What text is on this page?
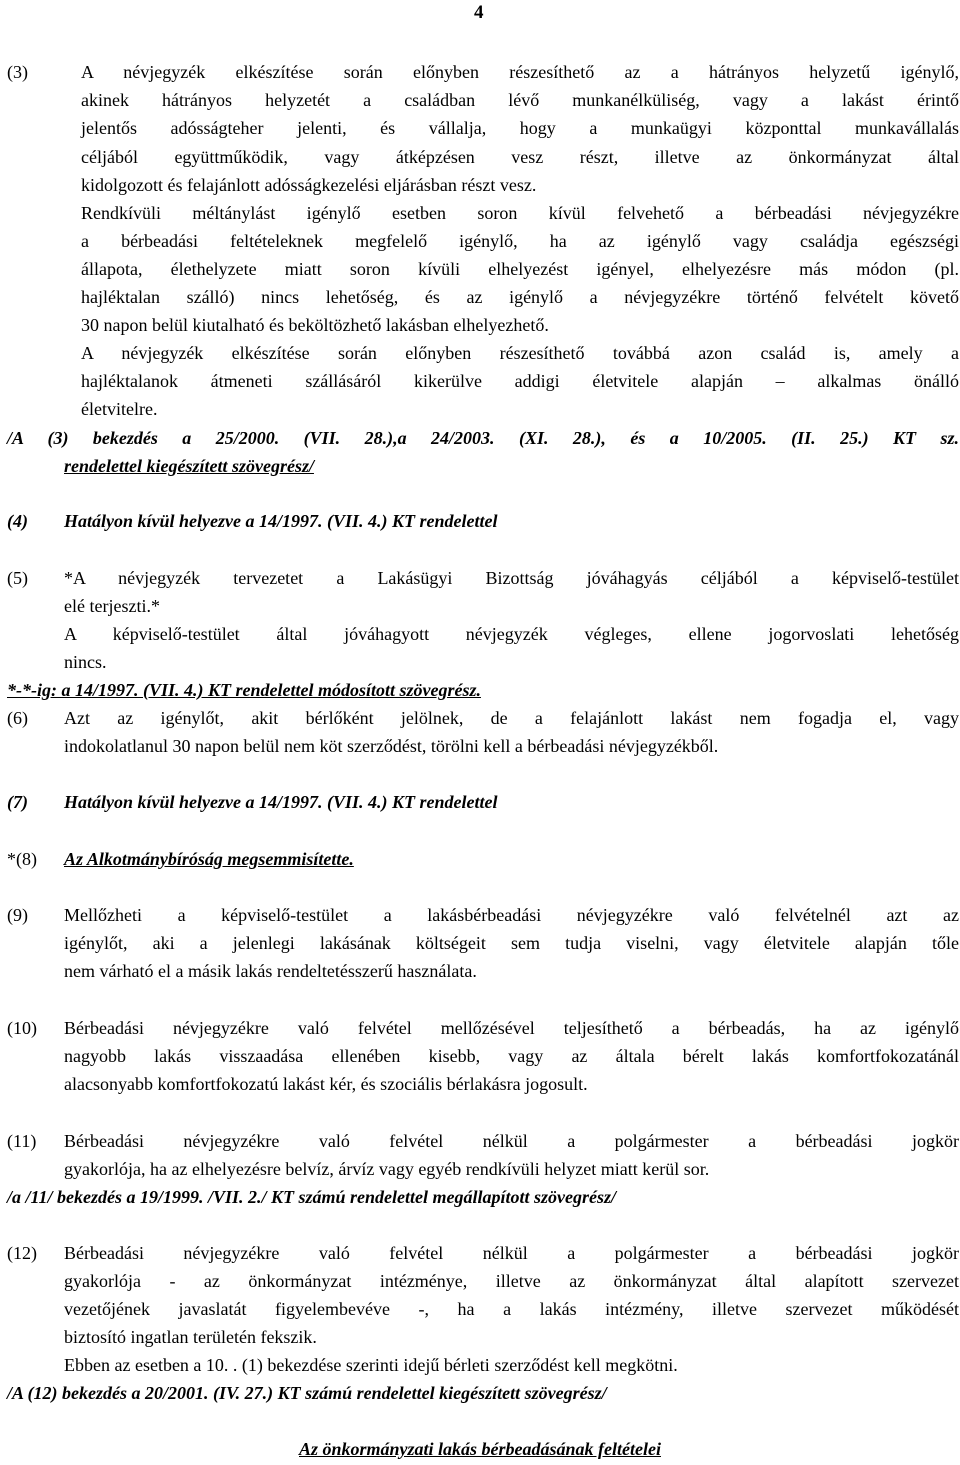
4
(3)	A névjegyzék elkészítése során előnyben részesíthető az a hátrányos helyzetű igénylő,
akinek hátrányos helyzetét a családban lévő munkanélküliség, vagy a lakást érintő
jelentős adósságteher jelenti, és vállalja, hogy a munkaügyi központtal munkavállalás
céljából együttműködik, vagy átképzésen vesz részt, illetve az önkormányzat által
kidolgozott és felajánlott adósságkezelési eljárásban részt vesz.
Rendkívüli méltánylást igénylő esetben soron kívül felvehető a bérbeadási névjegyzékre
a bérbeadási feltételeknek megfelelő igénylő, ha az igénylő vagy családja egészségi
állapota, élethelyzete miatt soron kívüli elhelyezést igényel, elhelyezésre más módon (pl.
hajléktalan szálló) nincs lehetőség, és az igénylő a névjegyzékre történő felvételt követő
30 napon belül kiutalható és beköltözhető lakásban elhelyezhető.
A névjegyzék elkészítése során előnyben részesíthető továbbá azon család is, amely a
hajléktalanok átmeneti szállásáról kikerülve addigi életvitele alapján – alkalmas önálló
életvitelre.
/A (3) bekezdés a 25/2000. (VII. 28.),a 24/2003. (XI. 28.), és a 10/2005. (II. 25.) KT sz.
rendelettel kiegészített szövegrész/
(4) Hatályon kívül helyezve a 14/1997. (VII. 4.) KT rendelettel
(5) *A névjegyzék tervezetet a Lakásügyi Bizottság jóváhagyás céljából a képviselő-testület
elé terjeszti.*
A képviselő-testület által jóváhagyott névjegyzék végleges, ellene jogorvoslati lehetőség
nincs.
*-*-ig: a 14/1997. (VII. 4.) KT rendelettel módosított szövegrész.
(6) Azt az igénylőt, akit bérlőként jelölnek, de a felajánlott lakást nem fogadja el, vagy
indokolatlanul 30 napon belül nem köt szerződést, törölni kell a bérbeadási névjegyzékből.
(7) Hatályon kívül helyezve a 14/1997. (VII. 4.) KT rendelettel
*(8) Az Alkotmánybíróság megsemmisítette.
(9) Mellőzheti a képviselő-testület a lakásbérbeadási névjegyzékre való felvételnél azt az
igénylőt, aki a jelenlegi lakásának költségeit sem tudja viselni, vagy életvitele alapján tőle
nem várható el a másik lakás rendeltetésszerű használata.
(10) Bérbeadási névjegyzékre való felvétel mellőzésével teljesíthető a bérbeadás, ha az igénylő
nagyobb lakás visszaadása ellenében kisebb, vagy az általa bérelt lakás komfortfokozatánál
alacsonyabb komfortfokozatú lakást kér, és szociális bérlakásra jogosult.
(11) Bérbeadási névjegyzékre való felvétel nélkül a polgármester a bérbeadási jogkör
gyakorlója, ha az elhelyezésre belvíz, árvíz vagy egyéb rendkívüli helyzet miatt kerül sor.
/a /11/ bekezdés a 19/1999. /VII. 2./ KT számú rendelettel megállapított szövegrész/
(12) Bérbeadási névjegyzékre való felvétel nélkül a polgármester a bérbeadási jogkör
gyakorlója - az önkormányzat intézménye, illetve az önkormányzat által alapított szervezet
vezetőjének javaslatát figyelembevéve -, ha a lakás intézmény, illetve szervezet működését
biztosító ingatlan területén fekszik.
Ebben az esetben a 10. . (1) bekezdése szerinti idejű bérleti szerződést kell megkötni.
/A (12) bekezdés a 20/2001. (IV. 27.) KT számú rendelettel kiegészített szövegrész/
Az önkormányzati lakás bérbeadásának feltételei
